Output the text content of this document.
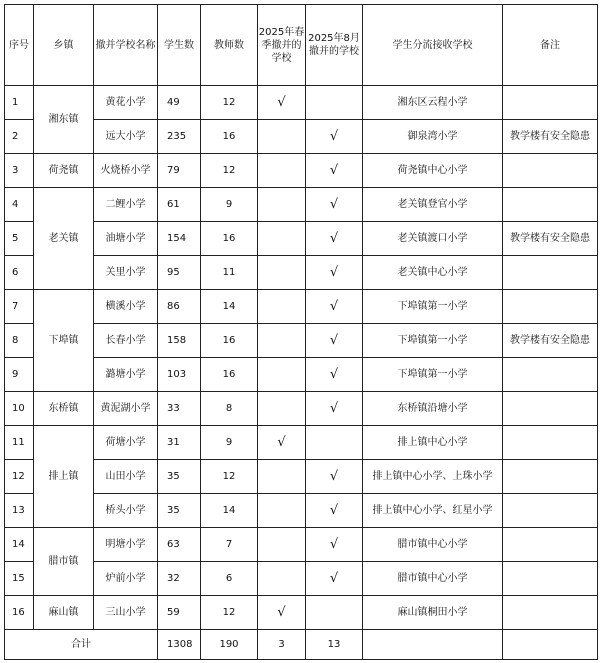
序号	乡镇	撤并学校名称	学生数	教师数	2025年春季撤并的学校	2025年8月撤并的学校	学生分流接收学校	备注
1	湘东镇	黄花小学	49	12	√		湘东区云程小学	
2		远大小学	235	16		√	御泉湾小学	教学楼有安全隐患
3	荷尧镇	火烧桥小学	79	12		√	荷尧镇中心小学	
4	老关镇	二鲤小学	61	9		√	老关镇登官小学	
5		油塘小学	154	16		√	老关镇渡口小学	教学楼有安全隐患
6		关里小学	95	11		√	老关镇中心小学	
7	下埠镇	横溪小学	86	14		√	下埠镇第一小学	
8		长春小学	158	16		√	下埠镇第一小学	教学楼有安全隐患
9		潞塘小学	103	16		√	下埠镇第一小学	
10	东桥镇	黄泥湖小学	33	8		√	东桥镇沿塘小学	
11	排上镇	荷塘小学	31	9	√		排上镇中心小学	
12		山田小学	35	12		√	排上镇中心小学、上珠小学	
13		桥头小学	35	14		√	排上镇中心小学、红星小学	
14	腊市镇	明塘小学	63	7		√	腊市镇中心小学	
15		炉前小学	32	6		√	腊市镇中心小学	
16	麻山镇	三山小学	59	12	√		麻山镇桐田小学	
合计			1308	190	3	13		
